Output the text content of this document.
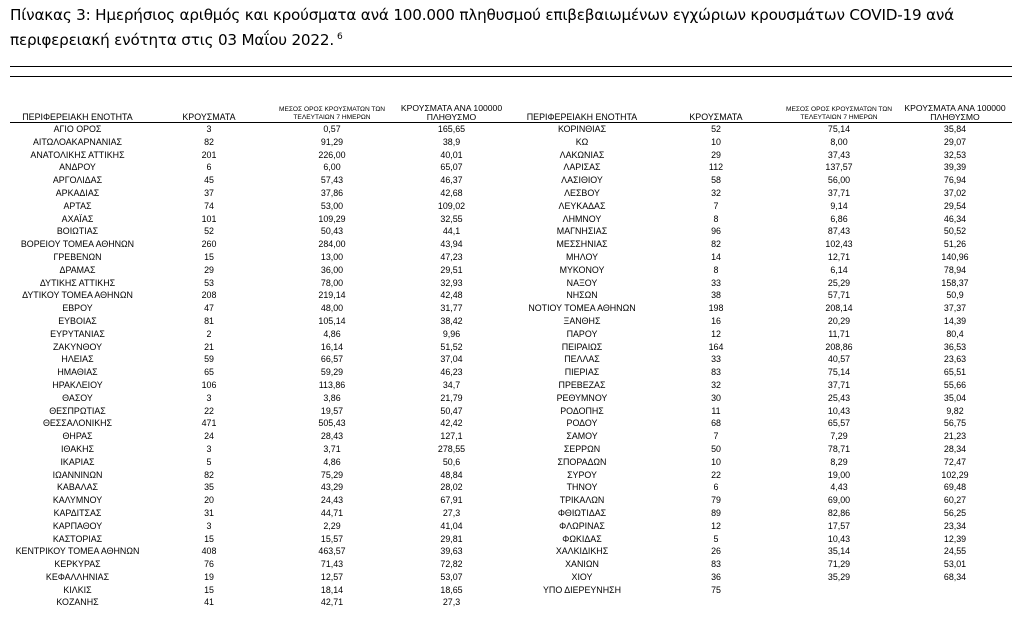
Πίνακας 3: Ημερήσιος αριθμός και κρούσματα ανά 100.000 πληθυσμού επιβεβαιωμένων εγχώριων κρουσμάτων COVID-19 ανά περιφερειακή ενότητα στις 03 Μαΐου 2022. $^6$
ΠΕΡΙΦΕΡΕΙΑΚΗ ΕΝΟΤΗΤΑ	ΚΡΟΥΣΜΑΤΑ	ΜΕΣΟΣ ΟΡΟΣ ΚΡΟΥΣΜΑΤΩΝ ΤΩΝ ΤΕΛΕΥΤΑΙΩΝ 7 ΗΜΕΡΩΝ	ΚΡΟΥΣΜΑΤΑ ΑΝΑ 100000 ΠΛΗΘΥΣΜΟ
ΑΓΙΟ ΟΡΟΣ	3	0,57	165,65
ΑΙΤΩΛΟΑΚΑΡΝΑΝΙΑΣ	82	91,29	38,9
ΑΝΑΤΟΛΙΚΗΣ ΑΤΤΙΚΗΣ	201	226,00	40,01
ΑΝΔΡΟΥ	6	6,00	65,07
ΑΡΓΟΛΙΔΑΣ	45	57,43	46,37
ΑΡΚΑΔΙΑΣ	37	37,86	42,68
ΑΡΤΑΣ	74	53,00	109,02
ΑΧΑΪΑΣ	101	109,29	32,55
ΒΟΙΩΤΙΑΣ	52	50,43	44,1
ΒΟΡΕΙΟΥ ΤΟΜΕΑ ΑΘΗΝΩΝ	260	284,00	43,94
ΓΡΕΒΕΝΩΝ	15	13,00	47,23
ΔΡΑΜΑΣ	29	36,00	29,51
ΔΥΤΙΚΗΣ ΑΤΤΙΚΗΣ	53	78,00	32,93
ΔΥΤΙΚΟΥ ΤΟΜΕΑ ΑΘΗΝΩΝ	208	219,14	42,48
ΕΒΡΟΥ	47	48,00	31,77
ΕΥΒΟΙΑΣ	81	105,14	38,42
ΕΥΡΥΤΑΝΙΑΣ	2	4,86	9,96
ΖΑΚΥΝΘΟΥ	21	16,14	51,52
ΗΛΕΙΑΣ	59	66,57	37,04
ΗΜΑΘΙΑΣ	65	59,29	46,23
ΗΡΑΚΛΕΙΟΥ	106	113,86	34,7
ΘΑΣΟΥ	3	3,86	21,79
ΘΕΣΠΡΩΤΙΑΣ	22	19,57	50,47
ΘΕΣΣΑΛΟΝΙΚΗΣ	471	505,43	42,42
ΘΗΡΑΣ	24	28,43	127,1
ΙΘΑΚΗΣ	3	3,71	278,55
ΙΚΑΡΙΑΣ	5	4,86	50,6
ΙΩΑΝΝΙΝΩΝ	82	75,29	48,84
ΚΑΒΑΛΑΣ	35	43,29	28,02
ΚΑΛΥΜΝΟΥ	20	24,43	67,91
ΚΑΡΔΙΤΣΑΣ	31	44,71	27,3
ΚΑΡΠΑΘΟΥ	3	2,29	41,04
ΚΑΣΤΟΡΙΑΣ	15	15,57	29,81
ΚΕΝΤΡΙΚΟΥ ΤΟΜΕΑ ΑΘΗΝΩΝ	408	463,57	39,63
ΚΕΡΚΥΡΑΣ	76	71,43	72,82
ΚΕΦΑΛΛΗΝΙΑΣ	19	12,57	53,07
ΚΙΛΚΙΣ	15	18,14	18,65
ΚΟΖΑΝΗΣ	41	42,71	27,3
ΠΕΡΙΦΕΡΕΙΑΚΗ ΕΝΟΤΗΤΑ	ΚΡΟΥΣΜΑΤΑ	ΜΕΣΟΣ ΟΡΟΣ ΚΡΟΥΣΜΑΤΩΝ ΤΩΝ ΤΕΛΕΥΤΑΙΩΝ 7 ΗΜΕΡΩΝ	ΚΡΟΥΣΜΑΤΑ ΑΝΑ 100000 ΠΛΗΘΥΣΜΟ
ΚΟΡΙΝΘΙΑΣ	52	75,14	35,84
ΚΩ	10	8,00	29,07
ΛΑΚΩΝΙΑΣ	29	37,43	32,53
ΛΑΡΙΣΑΣ	112	137,57	39,39
ΛΑΣΙΘΙΟΥ	58	56,00	76,94
ΛΕΣΒΟΥ	32	37,71	37,02
ΛΕΥΚΑΔΑΣ	7	9,14	29,54
ΛΗΜΝΟΥ	8	6,86	46,34
ΜΑΓΝΗΣΙΑΣ	96	87,43	50,52
ΜΕΣΣΗΝΙΑΣ	82	102,43	51,26
ΜΗΛΟΥ	14	12,71	140,96
ΜΥΚΟΝΟΥ	8	6,14	78,94
ΝΑΞΟΥ	33	25,29	158,37
ΝΗΣΩΝ	38	57,71	50,9
ΝΟΤΙΟΥ ΤΟΜΕΑ ΑΘΗΝΩΝ	198	208,14	37,37
ΞΑΝΘΗΣ	16	20,29	14,39
ΠΑΡΟΥ	12	11,71	80,4
ΠΕΙΡΑΙΩΣ	164	208,86	36,53
ΠΕΛΛΑΣ	33	40,57	23,63
ΠΙΕΡΙΑΣ	83	75,14	65,51
ΠΡΕΒΕΖΑΣ	32	37,71	55,66
ΡΕΘΥΜΝΟΥ	30	25,43	35,04
ΡΟΔΟΠΗΣ	11	10,43	9,82
ΡΟΔΟΥ	68	65,57	56,75
ΣΑΜΟΥ	7	7,29	21,23
ΣΕΡΡΩΝ	50	78,71	28,34
ΣΠΟΡΑΔΩΝ	10	8,29	72,47
ΣΥΡΟΥ	22	19,00	102,29
ΤΗΝΟΥ	6	4,43	69,48
ΤΡΙΚΑΛΩΝ	79	69,00	60,27
ΦΘΙΩΤΙΔΑΣ	89	82,86	56,25
ΦΛΩΡΙΝΑΣ	12	17,57	23,34
ΦΩΚΙΔΑΣ	5	10,43	12,39
ΧΑΛΚΙΔΙΚΗΣ	26	35,14	24,55
ΧΑΝΙΩΝ	83	71,29	53,01
ΧΙΟΥ	36	35,29	68,34
ΥΠΟ ΔΙΕΡΕΥΝΗΣΗ	75		
